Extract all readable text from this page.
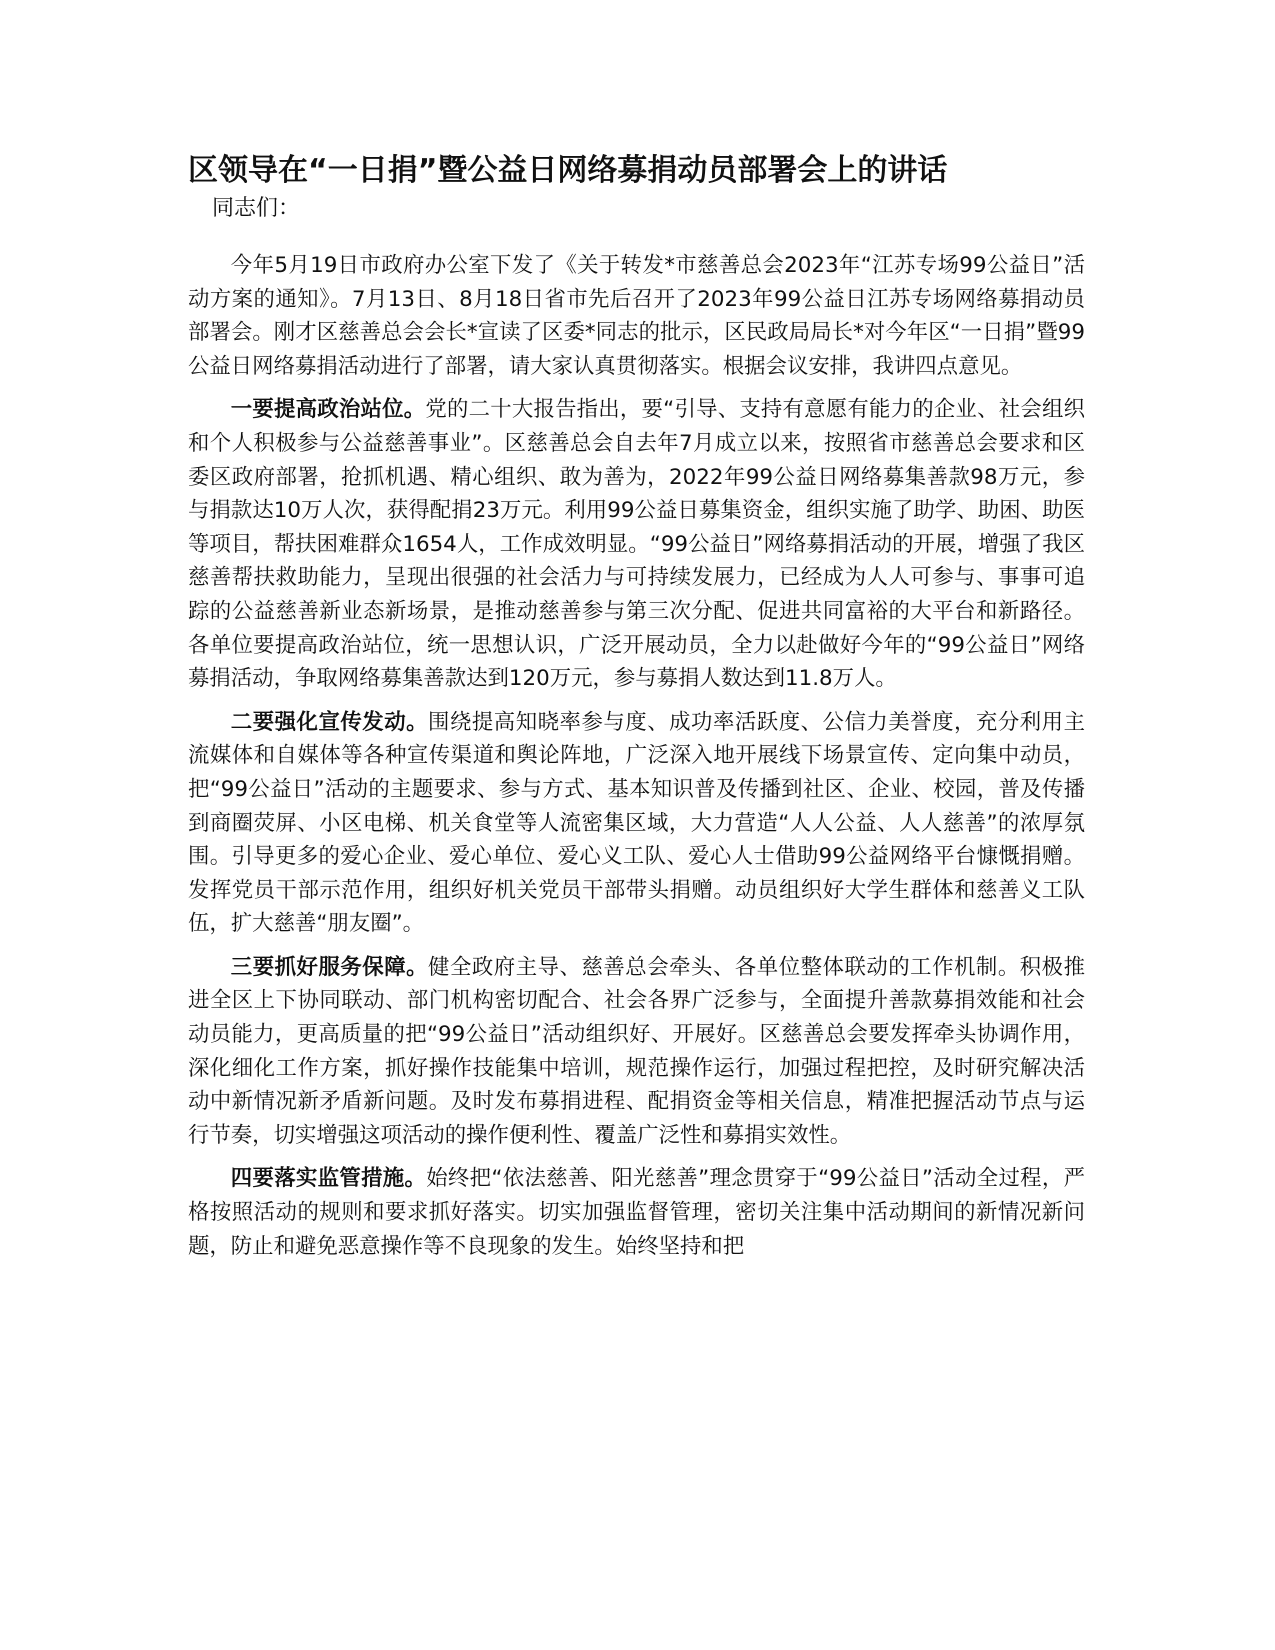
区领导在“一日捐”暨公益日网络募捐动员部署会上的讲话

同志们：

今年5月19日市政府办公室下发了《关于转发*市慈善总会2023年“江苏专场99公益日”活动方案的通知》。7月13日、8月18日省市先后召开了2023年99公益日江苏专场网络募捐动员部署会。刚才区慈善总会会长*宣读了区委*同志的批示，区民政局局长*对今年区“一日捐”暨99公益日网络募捐活动进行了部署，请大家认真贯彻落实。根据会议安排，我讲四点意见。

一要提高政治站位。党的二十大报告指出，要“引导、支持有意愿有能力的企业、社会组织和个人积极参与公益慈善事业”。区慈善总会自去年7月成立以来，按照省市慈善总会要求和区委区政府部署，抢抓机遇、精心组织、敢为善为，2022年99公益日网络募集善款98万元，参与捐款达10万人次，获得配捐23万元。利用99公益日募集资金，组织实施了助学、助困、助医等项目，帮扶困难群众1654人，工作成效明显。“99公益日”网络募捐活动的开展，增强了我区慈善帮扶救助能力，呈现出很强的社会活力与可持续发展力，已经成为人人可参与、事事可追踪的公益慈善新业态新场景，是推动慈善参与第三次分配、促进共同富裕的大平台和新路径。各单位要提高政治站位，统一思想认识，广泛开展动员，全力以赴做好今年的“99公益日”网络募捐活动，争取网络募集善款达到120万元，参与募捐人数达到11.8万人。

二要强化宣传发动。围绕提高知晓率参与度、成功率活跃度、公信力美誉度，充分利用主流媒体和自媒体等各种宣传渠道和舆论阵地，广泛深入地开展线下场景宣传、定向集中动员，把“99公益日”活动的主题要求、参与方式、基本知识普及传播到社区、企业、校园，普及传播到商圈荧屏、小区电梯、机关食堂等人流密集区域，大力营造“人人公益、人人慈善”的浓厚氛围。引导更多的爱心企业、爱心单位、爱心义工队、爱心人士借助99公益网络平台慷慨捐赠。发挥党员干部示范作用，组织好机关党员干部带头捐赠。动员组织好大学生群体和慈善义工队伍，扩大慈善“朋友圈”。

三要抓好服务保障。健全政府主导、慈善总会牵头、各单位整体联动的工作机制。积极推进全区上下协同联动、部门机构密切配合、社会各界广泛参与，全面提升善款募捐效能和社会动员能力，更高质量的把“99公益日”活动组织好、开展好。区慈善总会要发挥牵头协调作用，深化细化工作方案，抓好操作技能集中培训，规范操作运行，加强过程把控，及时研究解决活动中新情况新矛盾新问题。及时发布募捐进程、配捐资金等相关信息，精准把握活动节点与运行节奏，切实增强这项活动的操作便利性、覆盖广泛性和募捐实效性。

四要落实监管措施。始终把“依法慈善、阳光慈善”理念贯穿于“99公益日”活动全过程，严格按照活动的规则和要求抓好落实。切实加强监督管理，密切关注集中活动期间的新情况新问题，防止和避免恶意操作等不良现象的发生。始终坚持和把
